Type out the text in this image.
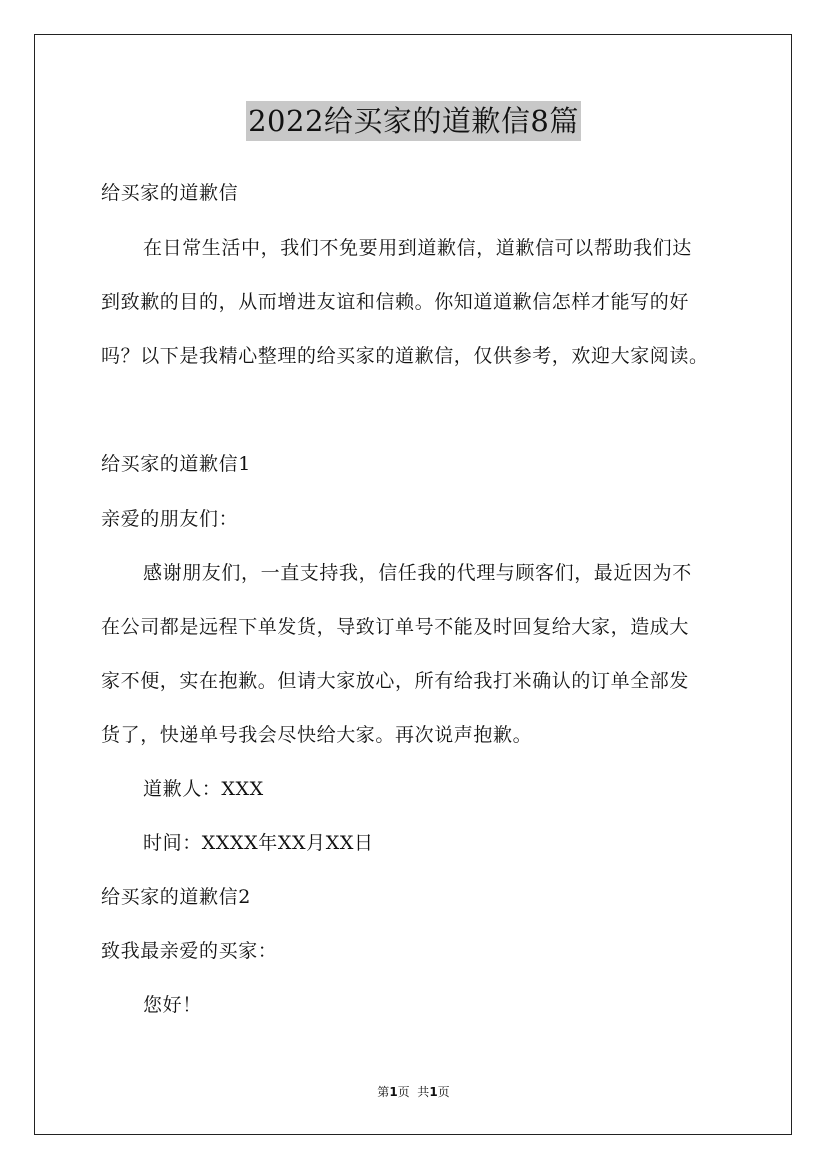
2022给买家的道歉信8篇
给买家的道歉信
在日常生活中，我们不免要用到道歉信，道歉信可以帮助我们达
到致歉的目的，从而增进友谊和信赖。你知道道歉信怎样才能写的好
吗？以下是我精心整理的给买家的道歉信，仅供参考，欢迎大家阅读。
给买家的道歉信1
亲爱的朋友们：
感谢朋友们，一直支持我，信任我的代理与顾客们，最近因为不
在公司都是远程下单发货，导致订单号不能及时回复给大家，造成大
家不便，实在抱歉。但请大家放心，所有给我打米确认的订单全部发
货了，快递单号我会尽快给大家。再次说声抱歉。
道歉人：XXX
时间：XXXX年XX月XX日
给买家的道歉信2
致我最亲爱的买家：
您好！
第1页  共1页
